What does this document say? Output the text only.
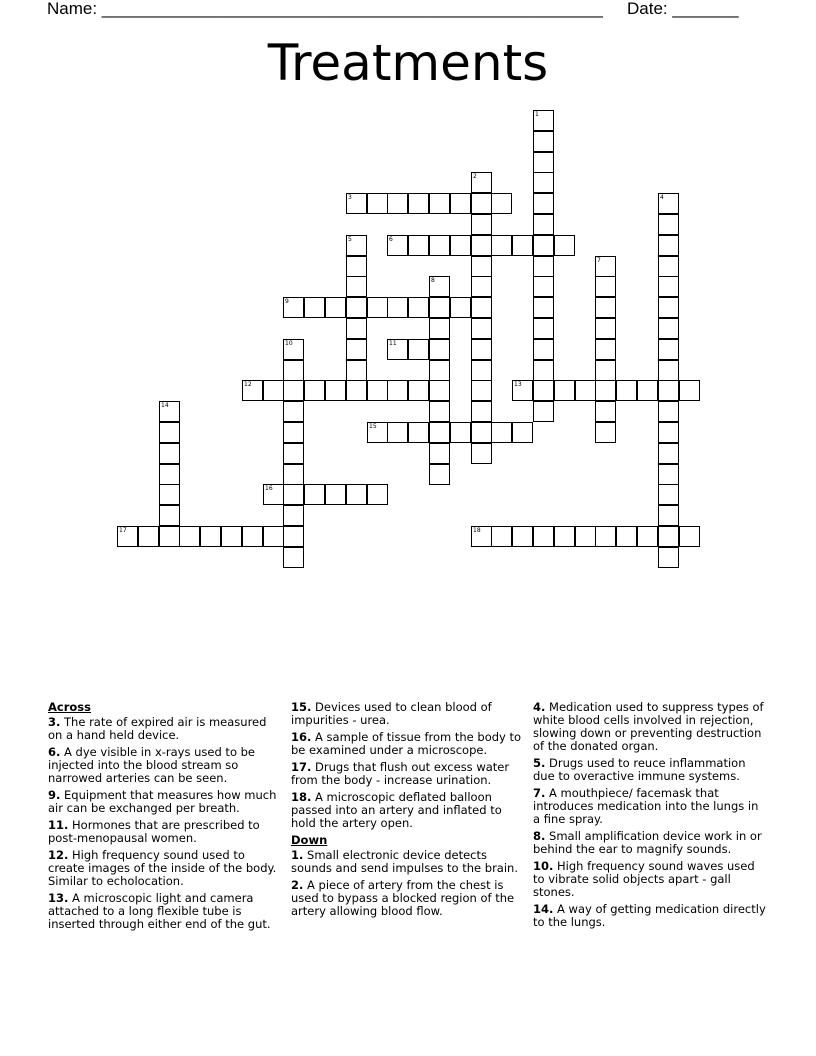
Name: _____________________________________________________ Date: _______
Treatments
1
2
3	4
5	6
7
8
9
10	11
12	13
14
15
16
17	18
Across
3. The rate of expired air is measured on a hand held device.
6. A dye visible in x-rays used to be injected into the blood stream so narrowed arteries can be seen.
9. Equipment that measures how much air can be exchanged per breath.
11. Hormones that are prescribed to post-menopausal women.
12. High frequency sound used to create images of the inside of the body. Similar to echolocation.
13. A microscopic light and camera attached to a long flexible tube is inserted through either end of the gut.
15. Devices used to clean blood of impurities - urea.
16. A sample of tissue from the body to be examined under a microscope.
17. Drugs that flush out excess water from the body - increase urination.
18. A microscopic deflated balloon passed into an artery and inflated to hold the artery open.
Down
1. Small electronic device detects sounds and send impulses to the brain.
2. A piece of artery from the chest is used to bypass a blocked region of the artery allowing blood flow.
4. Medication used to suppress types of white blood cells involved in rejection, slowing down or preventing destruction of the donated organ.
5. Drugs used to reuce inflammation due to overactive immune systems.
7. A mouthpiece/ facemask that introduces medication into the lungs in a fine spray.
8. Small amplification device work in or behind the ear to magnify sounds.
10. High frequency sound waves used to vibrate solid objects apart - gall stones.
14. A way of getting medication directly to the lungs.
